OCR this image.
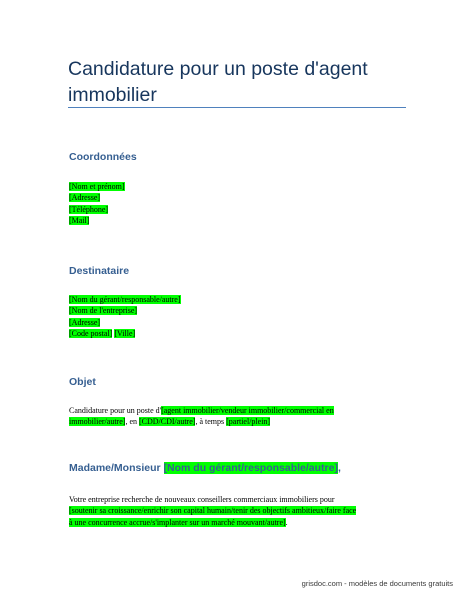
Candidature pour un poste d'agent immobilier
Coordonnées
[Nom et prénom]
[Adresse]
[Téléphone]
[Mail]
Destinataire
[Nom du gérant/responsable/autre]
[Nom de l'entreprise]
[Adresse]
[Code postal] [Ville]
Objet
Candidature pour un poste d'[agent immobilier/vendeur immobilier/commercial en
immobilier/autre], en [CDD/CDI/autre], à temps [partiel/plein]
Madame/Monsieur [Nom du gérant/responsable/autre],
Votre entreprise recherche de nouveaux conseillers commerciaux immobiliers pour
[soutenir sa croissance/enrichir son capital humain/tenir des objectifs ambitieux/faire face
à une concurrence accrue/s'implanter sur un marché mouvant/autre].
grisdoc.com - modèles de documents gratuits
